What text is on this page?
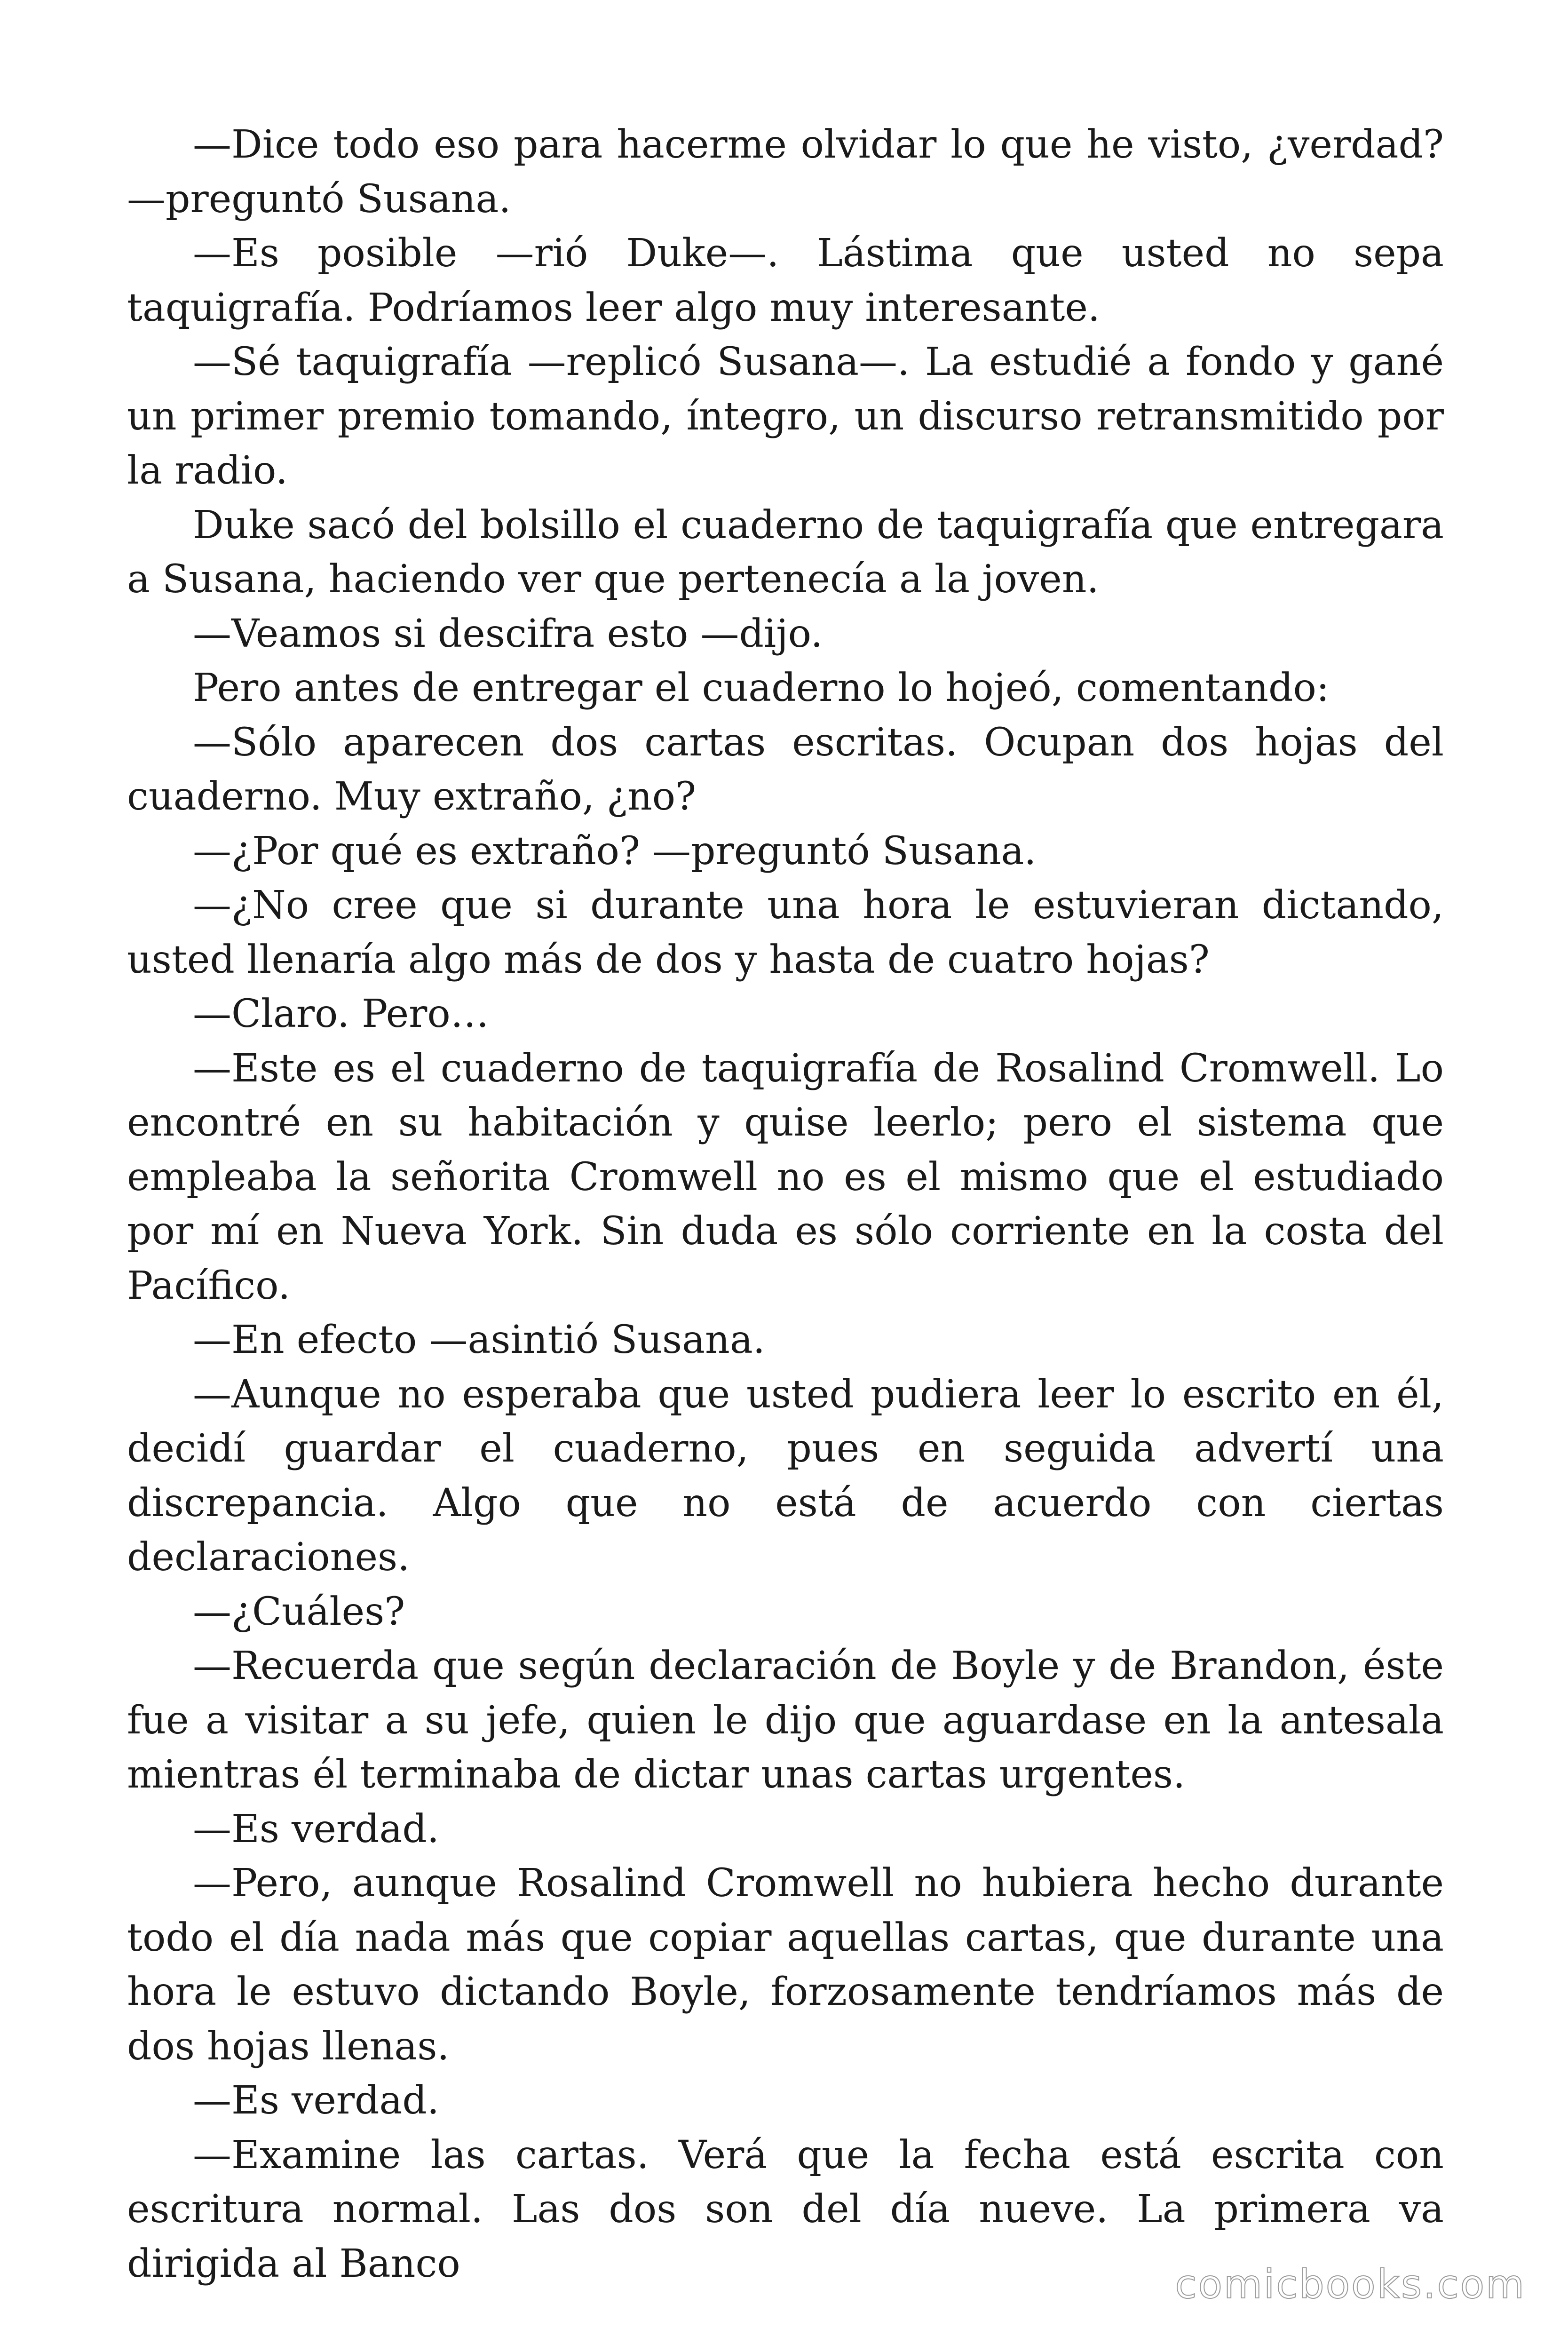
—Dice todo eso para hacerme olvidar lo que he visto, ¿verdad? —preguntó Susana.

—Es posible —rió Duke—. Lástima que usted no sepa taquigrafía. Podríamos leer algo muy interesante.

—Sé taquigrafía —replicó Susana—. La estudié a fondo y gané un primer premio tomando, íntegro, un discurso retransmitido por la radio.

Duke sacó del bolsillo el cuaderno de taquigrafía que entregara a Susana, haciendo ver que pertenecía a la joven.

—Veamos si descifra esto —dijo.

Pero antes de entregar el cuaderno lo hojeó, comentando:

—Sólo aparecen dos cartas escritas. Ocupan dos hojas del cuaderno. Muy extraño, ¿no?

—¿Por qué es extraño? —preguntó Susana.

—¿No cree que si durante una hora le estuvieran dictando, usted llenaría algo más de dos y hasta de cuatro hojas?

—Claro. Pero…

—Este es el cuaderno de taquigrafía de Rosalind Cromwell. Lo encontré en su habitación y quise leerlo; pero el sistema que empleaba la señorita Cromwell no es el mismo que el estudiado por mí en Nueva York. Sin duda es sólo corriente en la costa del Pacífico.

—En efecto —asintió Susana.

—Aunque no esperaba que usted pudiera leer lo escrito en él, decidí guardar el cuaderno, pues en seguida advertí una discrepancia. Algo que no está de acuerdo con ciertas declaraciones.

—¿Cuáles?

—Recuerda que según declaración de Boyle y de Brandon, éste fue a visitar a su jefe, quien le dijo que aguardase en la antesala mientras él terminaba de dictar unas cartas urgentes.

—Es verdad.

—Pero, aunque Rosalind Cromwell no hubiera hecho durante todo el día nada más que copiar aquellas cartas, que durante una hora le estuvo dictando Boyle, forzosamente tendríamos más de dos hojas llenas.

—Es verdad.

—Examine las cartas. Verá que la fecha está escrita con escritura normal. Las dos son del día nueve. La primera va dirigida al Banco	comicbooks.com
